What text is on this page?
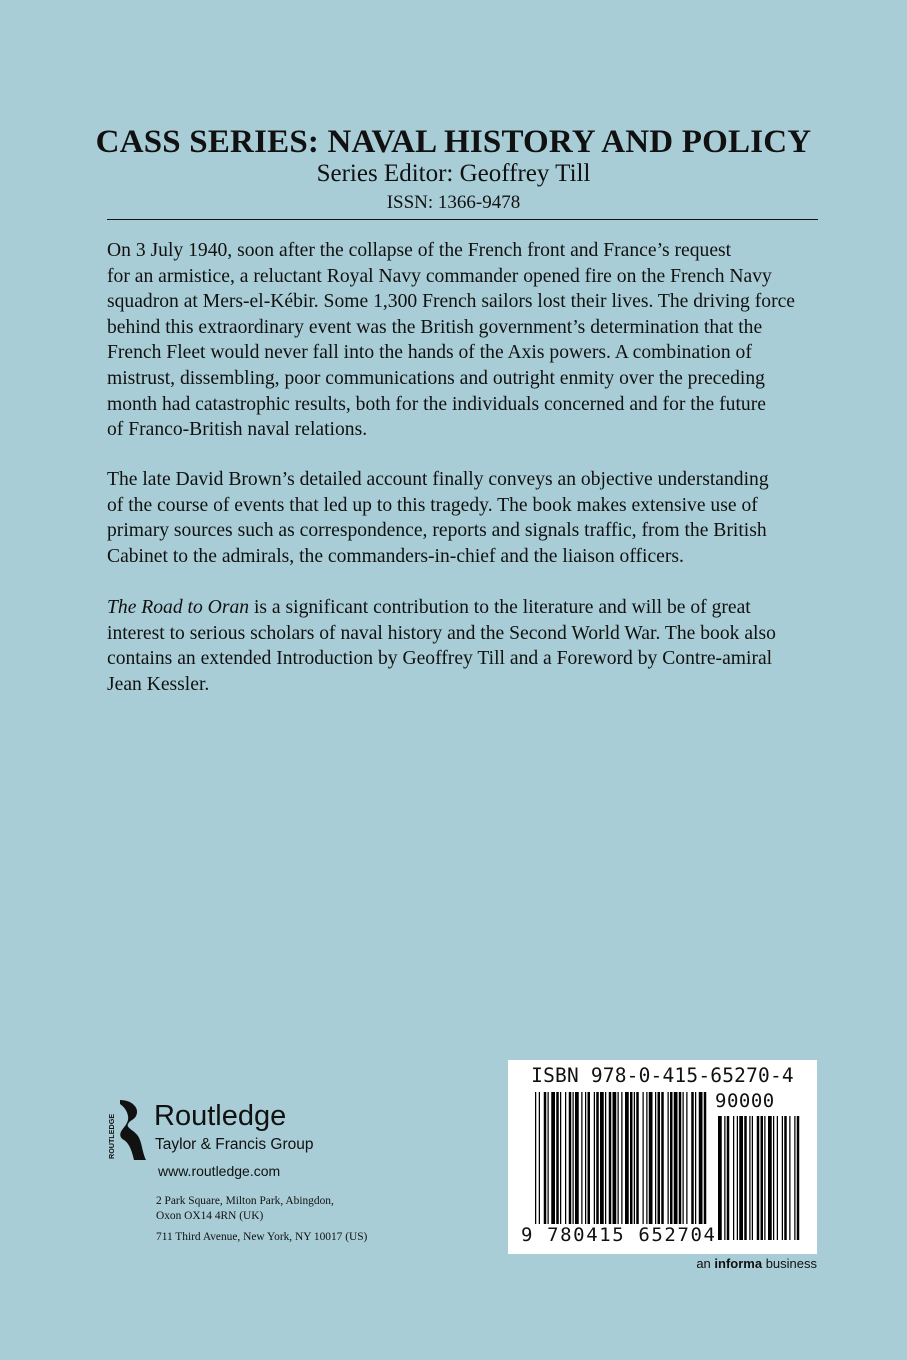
CASS SERIES: NAVAL HISTORY AND POLICY
Series Editor: Geoffrey Till
ISSN: 1366-9478
On 3 July 1940, soon after the collapse of the French front and France’s request
for an armistice, a reluctant Royal Navy commander opened fire on the French Navy
squadron at Mers-el-Kébir. Some 1,300 French sailors lost their lives. The driving force
behind this extraordinary event was the British government’s determination that the
French Fleet would never fall into the hands of the Axis powers. A combination of
mistrust, dissembling, poor communications and outright enmity over the preceding
month had catastrophic results, both for the individuals concerned and for the future
of Franco-British naval relations.
The late David Brown’s detailed account finally conveys an objective understanding
of the course of events that led up to this tragedy. The book makes extensive use of
primary sources such as correspondence, reports and signals traffic, from the British
Cabinet to the admirals, the commanders-in-chief and the liaison officers.
The Road to Oran is a significant contribution to the literature and will be of great
interest to serious scholars of naval history and the Second World War. The book also
contains an extended Introduction by Geoffrey Till and a Foreword by Contre-amiral
Jean Kessler.
ROUTLEDGE Routledge
Taylor & Francis Group
www.routledge.com
2 Park Square, Milton Park, Abingdon,
Oxon OX14 4RN (UK)
711 Third Avenue, New York, NY 10017 (US)
ISBN 978-0-415-65270-4
90000
9 780415 652704
an informa business
